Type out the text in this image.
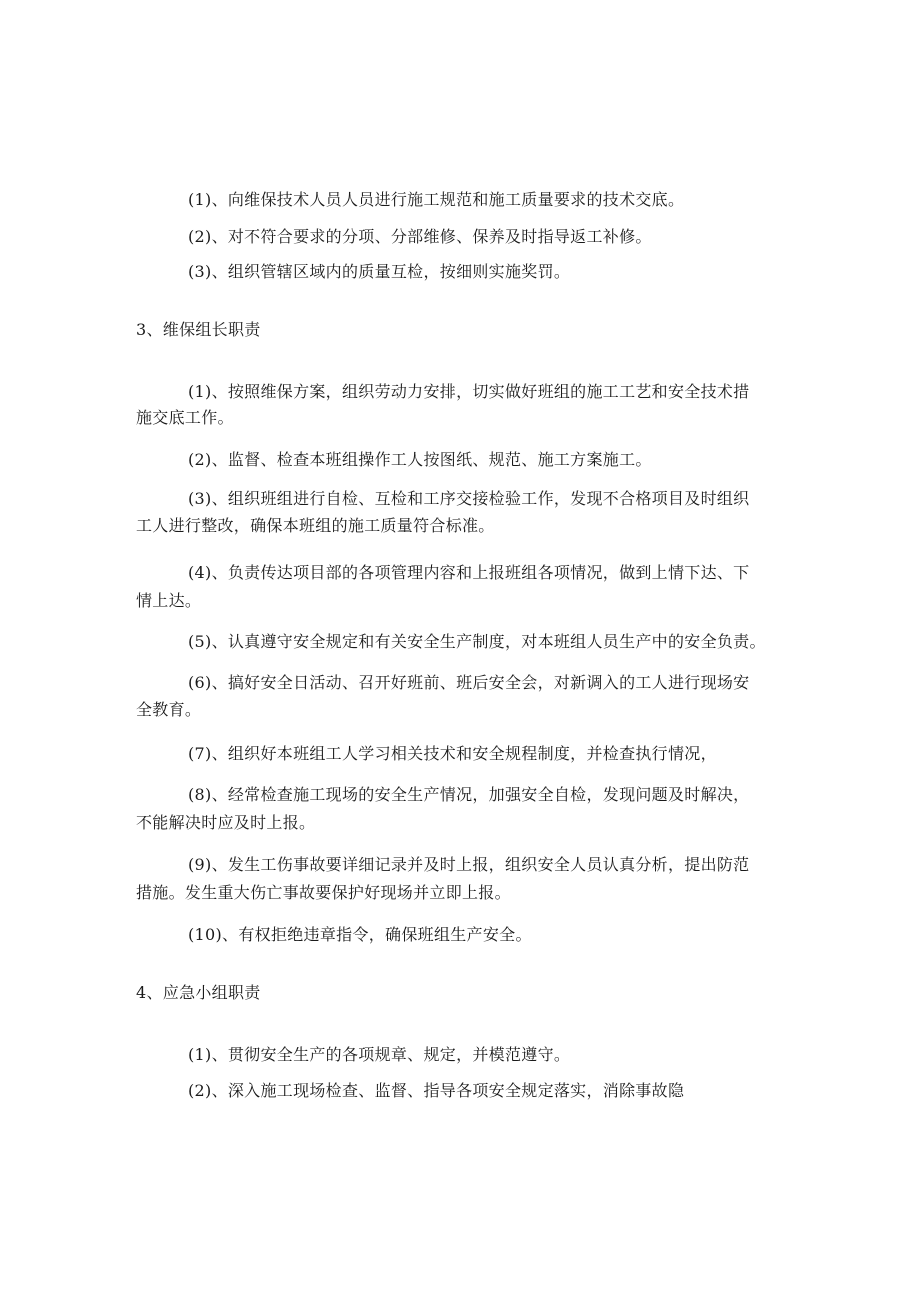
(1)、向维保技术人员人员进行施工规范和施工质量要求的技术交底。
(2)、对不符合要求的分项、分部维修、保养及时指导返工补修。
(3)、组织管辖区域内的质量互检，按细则实施奖罚。
3、维保组长职责
(1)、按照维保方案，组织劳动力安排，切实做好班组的施工工艺和安全技术措
施交底工作。
(2)、监督、检查本班组操作工人按图纸、规范、施工方案施工。
(3)、组织班组进行自检、互检和工序交接检验工作，发现不合格项目及时组织
工人进行整改，确保本班组的施工质量符合标准。
(4)、负责传达项目部的各项管理内容和上报班组各项情况，做到上情下达、下
情上达。
(5)、认真遵守安全规定和有关安全生产制度，对本班组人员生产中的安全负责。
(6)、搞好安全日活动、召开好班前、班后安全会，对新调入的工人进行现场安
全教育。
(7)、组织好本班组工人学习相关技术和安全规程制度，并检查执行情况，
(8)、经常检查施工现场的安全生产情况，加强安全自检，发现问题及时解决，
不能解决时应及时上报。
(9)、发生工伤事故要详细记录并及时上报，组织安全人员认真分析，提出防范
措施。发生重大伤亡事故要保护好现场并立即上报。
(10)、有权拒绝违章指令，确保班组生产安全。
4、应急小组职责
(1)、贯彻安全生产的各项规章、规定，并模范遵守。
(2)、深入施工现场检查、监督、指导各项安全规定落实，消除事故隐
